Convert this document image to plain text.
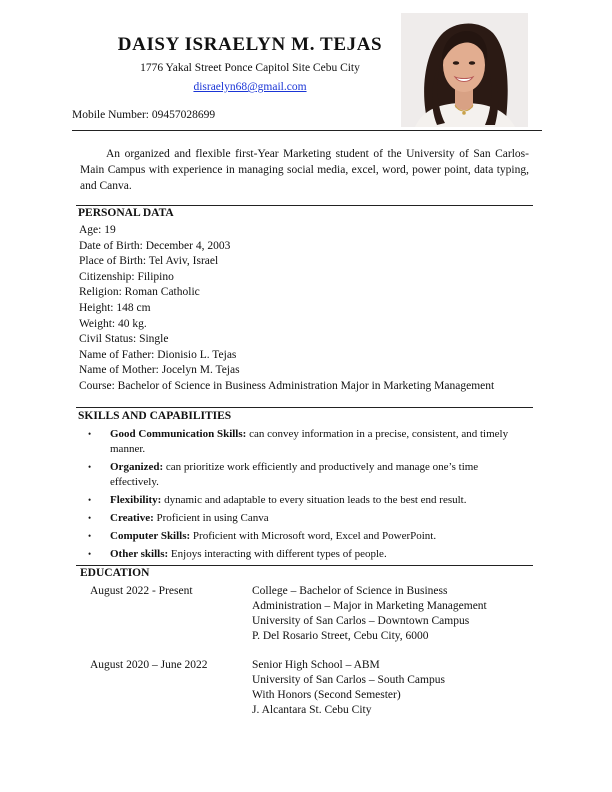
DAISY ISRAELYN M. TEJAS
1776 Yakal Street Ponce Capitol Site Cebu City
disraelyn68@gmail.com
Mobile Number: 09457028699
An organized and flexible first-Year Marketing student of the University of San Carlos- Main Campus with experience in managing social media, excel, word, power point, data typing, and Canva.
PERSONAL DATA
Age: 19
Date of Birth: December 4, 2003
Place of Birth: Tel Aviv, Israel
Citizenship: Filipino
Religion: Roman Catholic
Height: 148 cm
Weight: 40 kg.
Civil Status: Single
Name of Father: Dionisio L. Tejas
Name of Mother: Jocelyn M. Tejas
Course: Bachelor of Science in Business Administration Major in Marketing Management
SKILLS AND CAPABILITIES
• Good Communication Skills: can convey information in a precise, consistent, and timely manner.
• Organized: can prioritize work efficiently and productively and manage one’s time effectively.
• Flexibility: dynamic and adaptable to every situation leads to the best end result.
• Creative: Proficient in using Canva
• Computer Skills: Proficient with Microsoft word, Excel and PowerPoint.
• Other skills: Enjoys interacting with different types of people.
EDUCATION
August 2022 - Present	College – Bachelor of Science in Business
Administration – Major in Marketing Management
University of San Carlos – Downtown Campus
P. Del Rosario Street, Cebu City, 6000
August 2020 – June 2022	Senior High School – ABM
University of San Carlos – South Campus
With Honors (Second Semester)
J. Alcantara St. Cebu City
